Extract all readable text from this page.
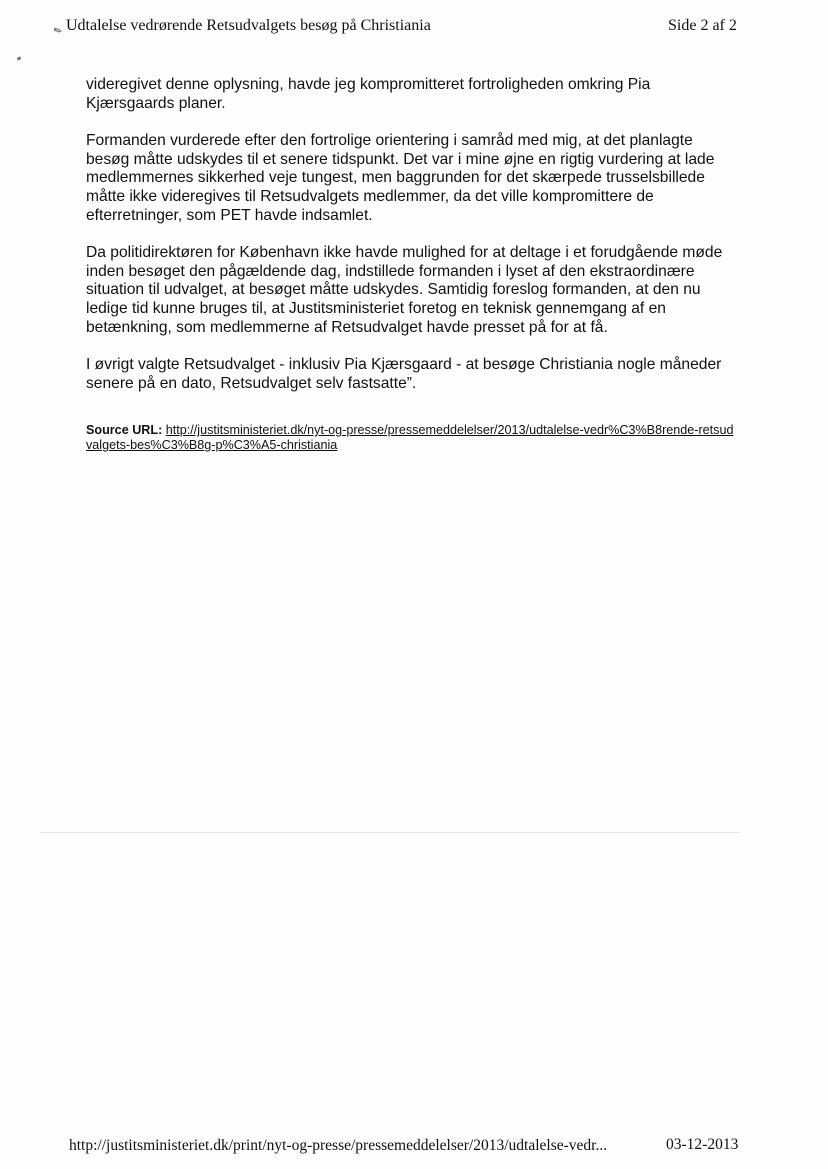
✎ Udtalelse vedrørende Retsudvalgets besøg på Christiania	Side 2 af 2

videregivet denne oplysning, havde jeg kompromitteret fortroligheden omkring Pia Kjærsgaards planer.

Formanden vurderede efter den fortrolige orientering i samråd med mig, at det planlagte besøg måtte udskydes til et senere tidspunkt. Det var i mine øjne en rigtig vurdering at lade medlemmernes sikkerhed veje tungest, men baggrunden for det skærpede trusselsbillede måtte ikke videregives til Retsudvalgets medlemmer, da det ville kompromittere de efterretninger, som PET havde indsamlet.

Da politidirektøren for København ikke havde mulighed for at deltage i et forudgående møde inden besøget den pågældende dag, indstillede formanden i lyset af den ekstraordinære situation til udvalget, at besøget måtte udskydes. Samtidig foreslog formanden, at den nu ledige tid kunne bruges til, at Justitsministeriet foretog en teknisk gennemgang af en betænkning, som medlemmerne af Retsudvalget havde presset på for at få.

I øvrigt valgte Retsudvalget - inklusiv Pia Kjærsgaard - at besøge Christiania nogle måneder senere på en dato, Retsudvalget selv fastsatte”.

Source URL: http://justitsministeriet.dk/nyt-og-presse/pressemeddelelser/2013/udtalelse-vedr%C3%B8rende-retsudvalgets-bes%C3%B8g-p%C3%A5-christiania
http://justitsministeriet.dk/print/nyt-og-presse/pressemeddelelser/2013/udtalelse-vedr...	03-12-2013
